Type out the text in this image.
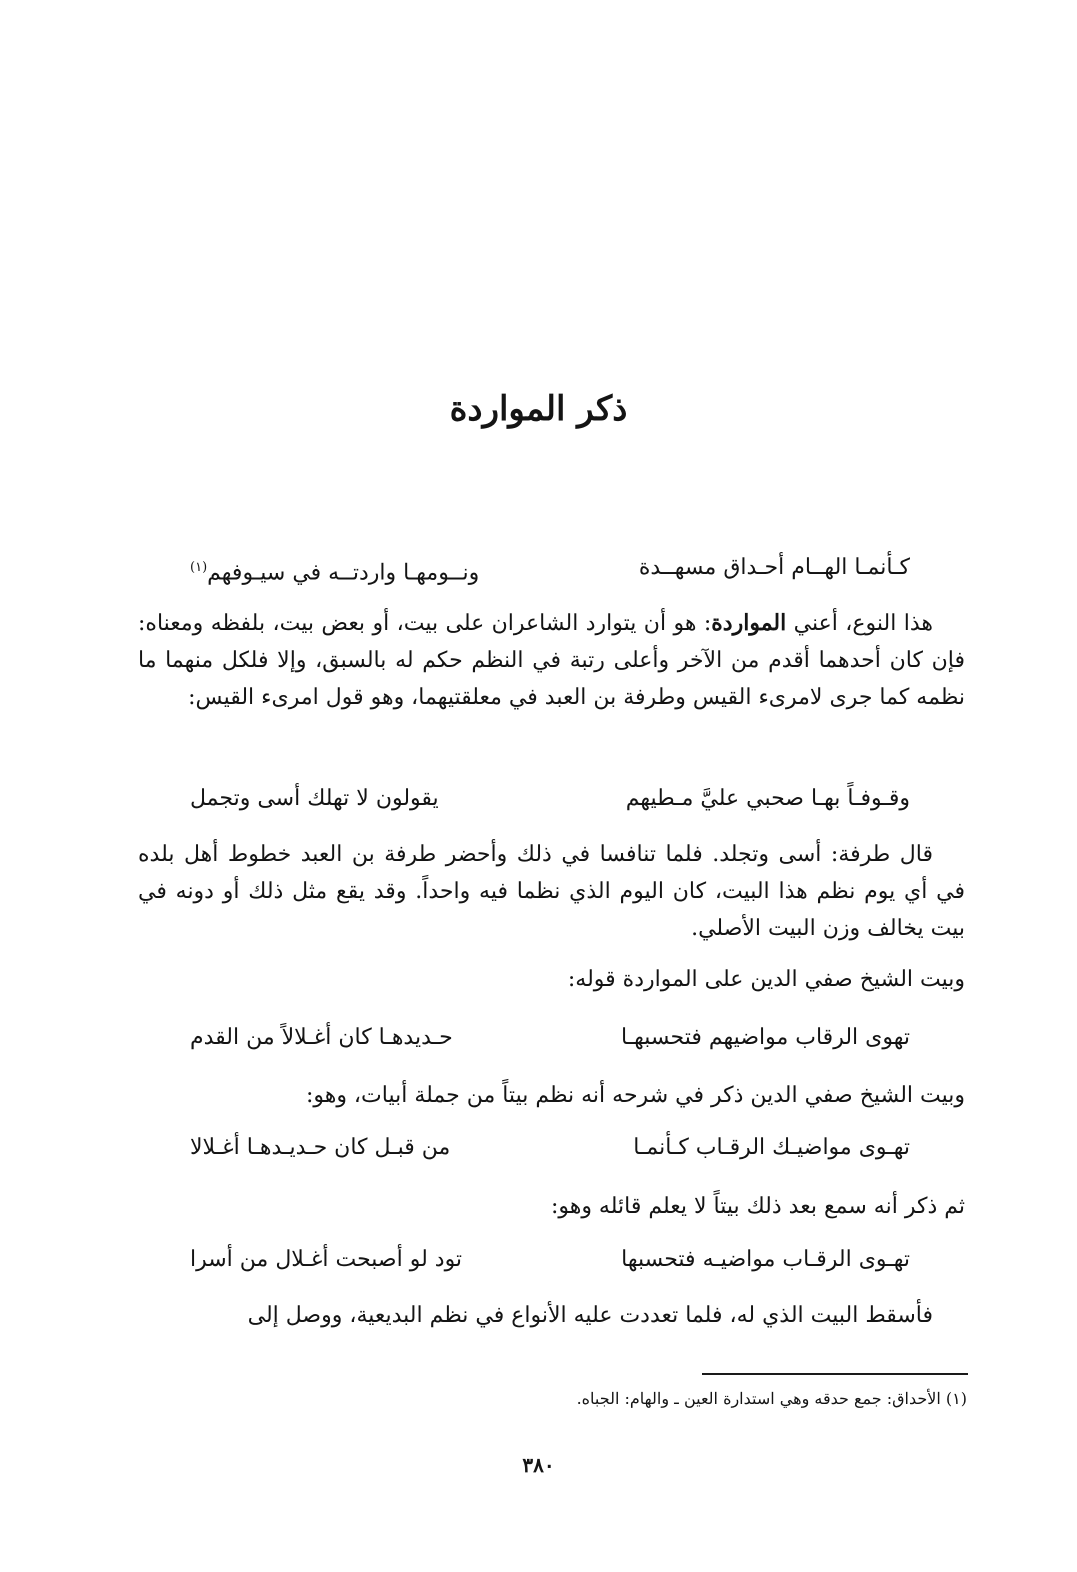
ذكر المواردة
كـأنمـا الهــام أحـداق مسهــدة
ونــومهـا واردتــه في سيـوفهم$^{(١)}$
هذا النوع، أعني المواردة: هو أن يتوارد الشاعران على بيت، أو بعض بيت، بلفظه ومعناه: فإن كان أحدهما أقدم من الآخر وأعلى رتبة في النظم حكم له بالسبق، وإلا فلكل منهما ما نظمه كما جرى لامرىء القيس وطرفة بن العبد في معلقتيهما، وهو قول امرىء القيس:
وقـوفـاً بهـا صحبي عليَّ مـطيهم
يقولون لا تهلك أسى وتجمل
قال طرفة: أسى وتجلد. فلما تنافسا في ذلك وأحضر طرفة بن العبد خطوط أهل بلده في أي يوم نظم هذا البيت، كان اليوم الذي نظما فيه واحداً. وقد يقع مثل ذلك أو دونه في بيت يخالف وزن البيت الأصلي.
وبيت الشيخ صفي الدين على المواردة قوله:
تهوى الرقاب مواضيهم فتحسبهـا
حـديدهـا كان أغـلالاً من القدم
وبيت الشيخ صفي الدين ذكر في شرحه أنه نظم بيتاً من جملة أبيات، وهو:
تهـوى مواضيـك الرقـاب كـأنمـا
من قبـل كان حـديـدهـا أغـلالا
ثم ذكر أنه سمع بعد ذلك بيتاً لا يعلم قائله وهو:
تهـوى الرقـاب مواضيـه فتحسبها
تود لو أصبحت أغـلال من أسرا
فأسقط البيت الذي له، فلما تعددت عليه الأنواع في نظم البديعية، ووصل إلى
(١) الأحداق: جمع حدقه وهي استدارة العين ـ والهام: الجباه.
٣٨٠
